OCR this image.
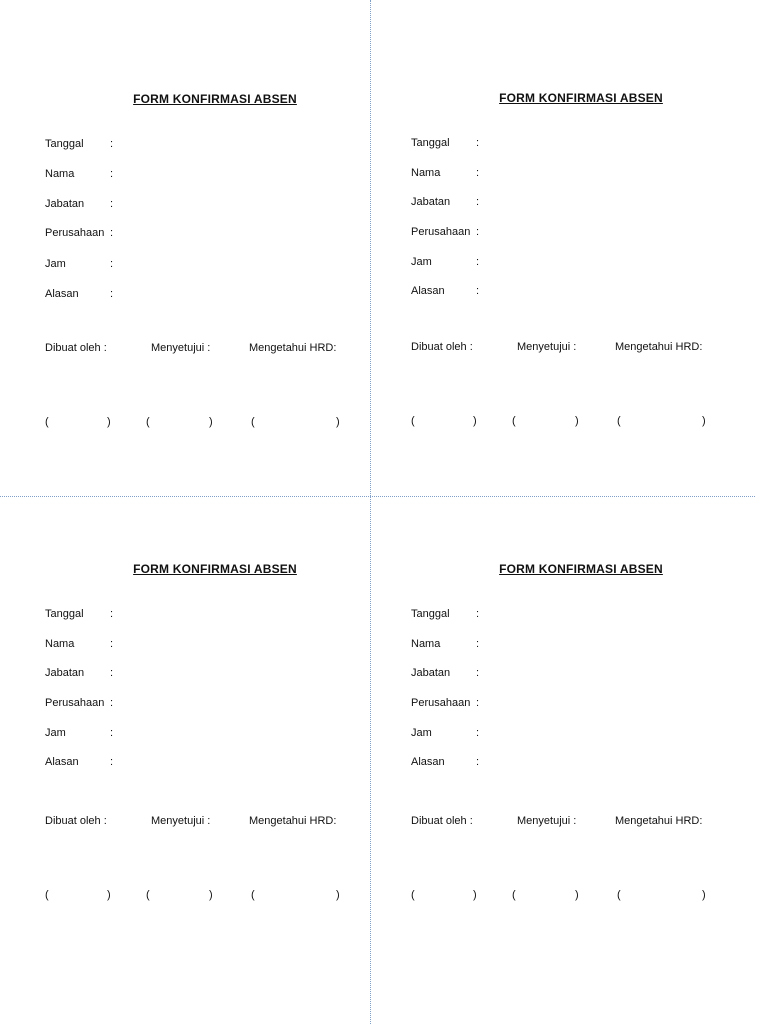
FORM KONFIRMASI ABSEN
Tanggal :
Nama	:
Jabatan :
Perusahaan :
Jam	:
Alasan	:
Dibuat oleh :	Menyetujui :	Mengetahui HRD:
(	)	(	)	(	)
FORM KONFIRMASI ABSEN
Tanggal :
Nama	:
Jabatan :
Perusahaan :
Jam	:
Alasan	:
Dibuat oleh :	Menyetujui :	Mengetahui HRD:
(	)	(	)	(	)
FORM KONFIRMASI ABSEN
Tanggal :
Nama	:
Jabatan :
Perusahaan :
Jam	:
Alasan	:
Dibuat oleh :	Menyetujui :	Mengetahui HRD:
(	)	(	)	(	)
FORM KONFIRMASI ABSEN
Tanggal :
Nama	:
Jabatan :
Perusahaan :
Jam	:
Alasan	:
Dibuat oleh :	Menyetujui :	Mengetahui HRD:
(	)	(	)	(	)
